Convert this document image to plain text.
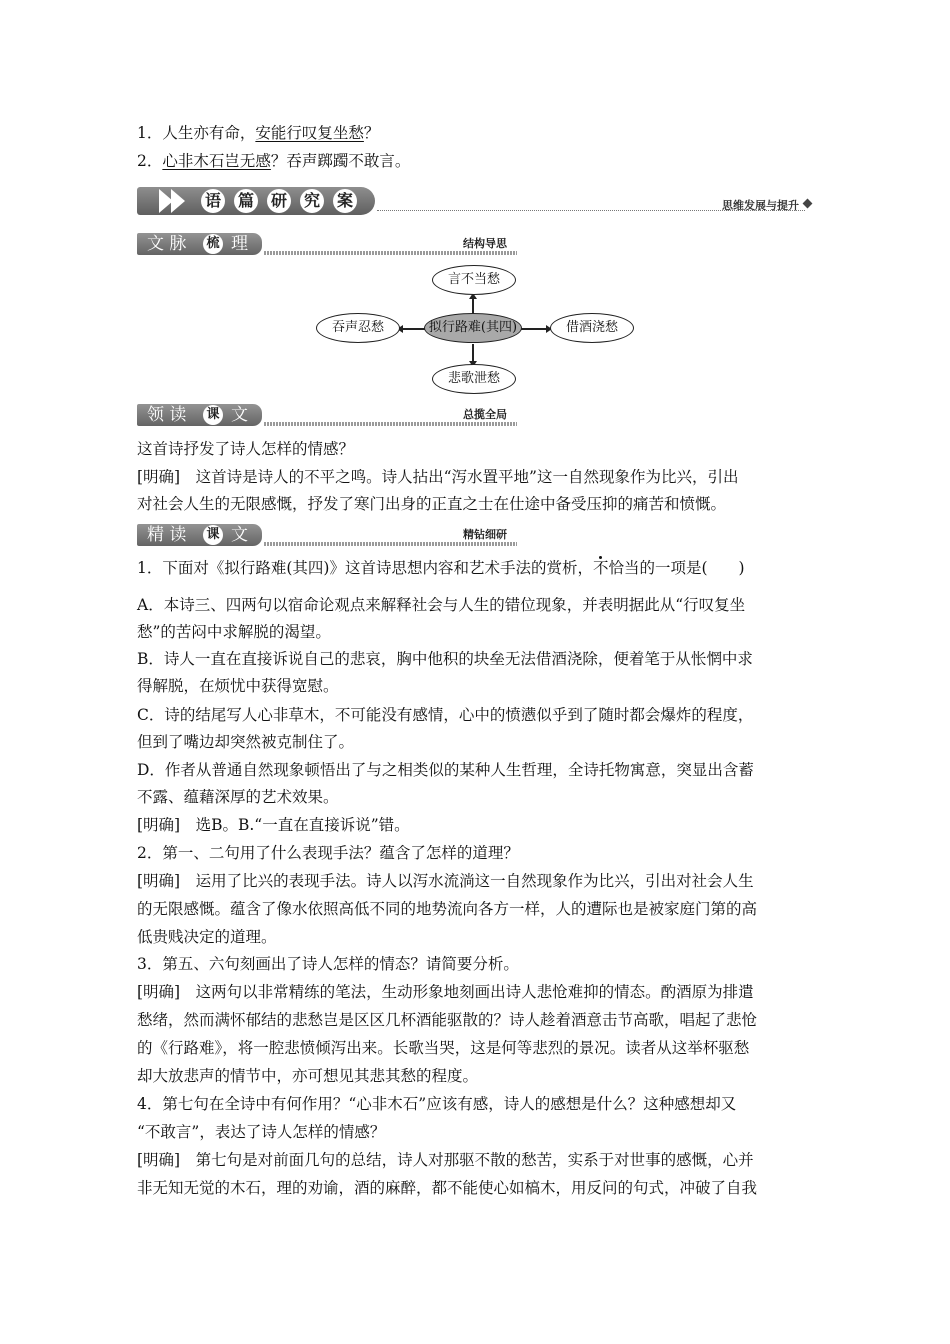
1．人生亦有命，安能行叹复坐愁？
2．心非木石岂无感？吞声踯躅不敢言。
语 篇 研 究 案	思维发展与提升
文 脉 梳 理	结构导思
拟行路难(其四)
言不当愁
吞声忍愁	借酒浇愁
悲歌泄愁
领 读 课 文	总揽全局
这首诗抒发了诗人怎样的情感？
[明确]　这首诗是诗人的不平之鸣。诗人拈出“泻水置平地”这一自然现象作为比兴，引出
对社会人生的无限感慨，抒发了寒门出身的正直之士在仕途中备受压抑的痛苦和愤慨。
精 读 课 文	精钻细研
1．下面对《拟行路难(其四)》这首诗思想内容和艺术手法的赏析，不恰当的一项是(　　)
A．本诗三、四两句以宿命论观点来解释社会与人生的错位现象，并表明据此从“行叹复坐
愁”的苦闷中求解脱的渴望。
B．诗人一直在直接诉说自己的悲哀，胸中他积的块垒无法借酒浇除，便着笔于从怅惘中求
得解脱，在烦忧中获得宽慰。
C．诗的结尾写人心非草木，不可能没有感情，心中的愤懑似乎到了随时都会爆炸的程度，
但到了嘴边却突然被克制住了。
D．作者从普通自然现象顿悟出了与之相类似的某种人生哲理，全诗托物寓意，突显出含蓄
不露、蕴藉深厚的艺术效果。
[明确]　选B。B.“一直在直接诉说”错。
2．第一、二句用了什么表现手法？蕴含了怎样的道理？
[明确]　运用了比兴的表现手法。诗人以泻水流淌这一自然现象作为比兴，引出对社会人生
的无限感慨。蕴含了像水依照高低不同的地势流向各方一样，人的遭际也是被家庭门第的高
低贵贱决定的道理。
3．第五、六句刻画出了诗人怎样的情态？请简要分析。
[明确]　这两句以非常精练的笔法，生动形象地刻画出诗人悲怆难抑的情态。酌酒原为排遣
愁绪，然而满怀郁结的悲愁岂是区区几杯酒能驱散的？诗人趁着酒意击节高歌，唱起了悲怆
的《行路难》，将一腔悲愤倾泻出来。长歌当哭，这是何等悲烈的景况。读者从这举杯驱愁
却大放悲声的情节中，亦可想见其悲其愁的程度。
4．第七句在全诗中有何作用？“心非木石”应该有感，诗人的感想是什么？这种感想却又
“不敢言”，表达了诗人怎样的情感？
[明确]　第七句是对前面几句的总结，诗人对那驱不散的愁苦，实系于对世事的感慨，心并
非无知无觉的木石，理的劝谕，酒的麻醉，都不能使心如槁木，用反问的句式，冲破了自我
